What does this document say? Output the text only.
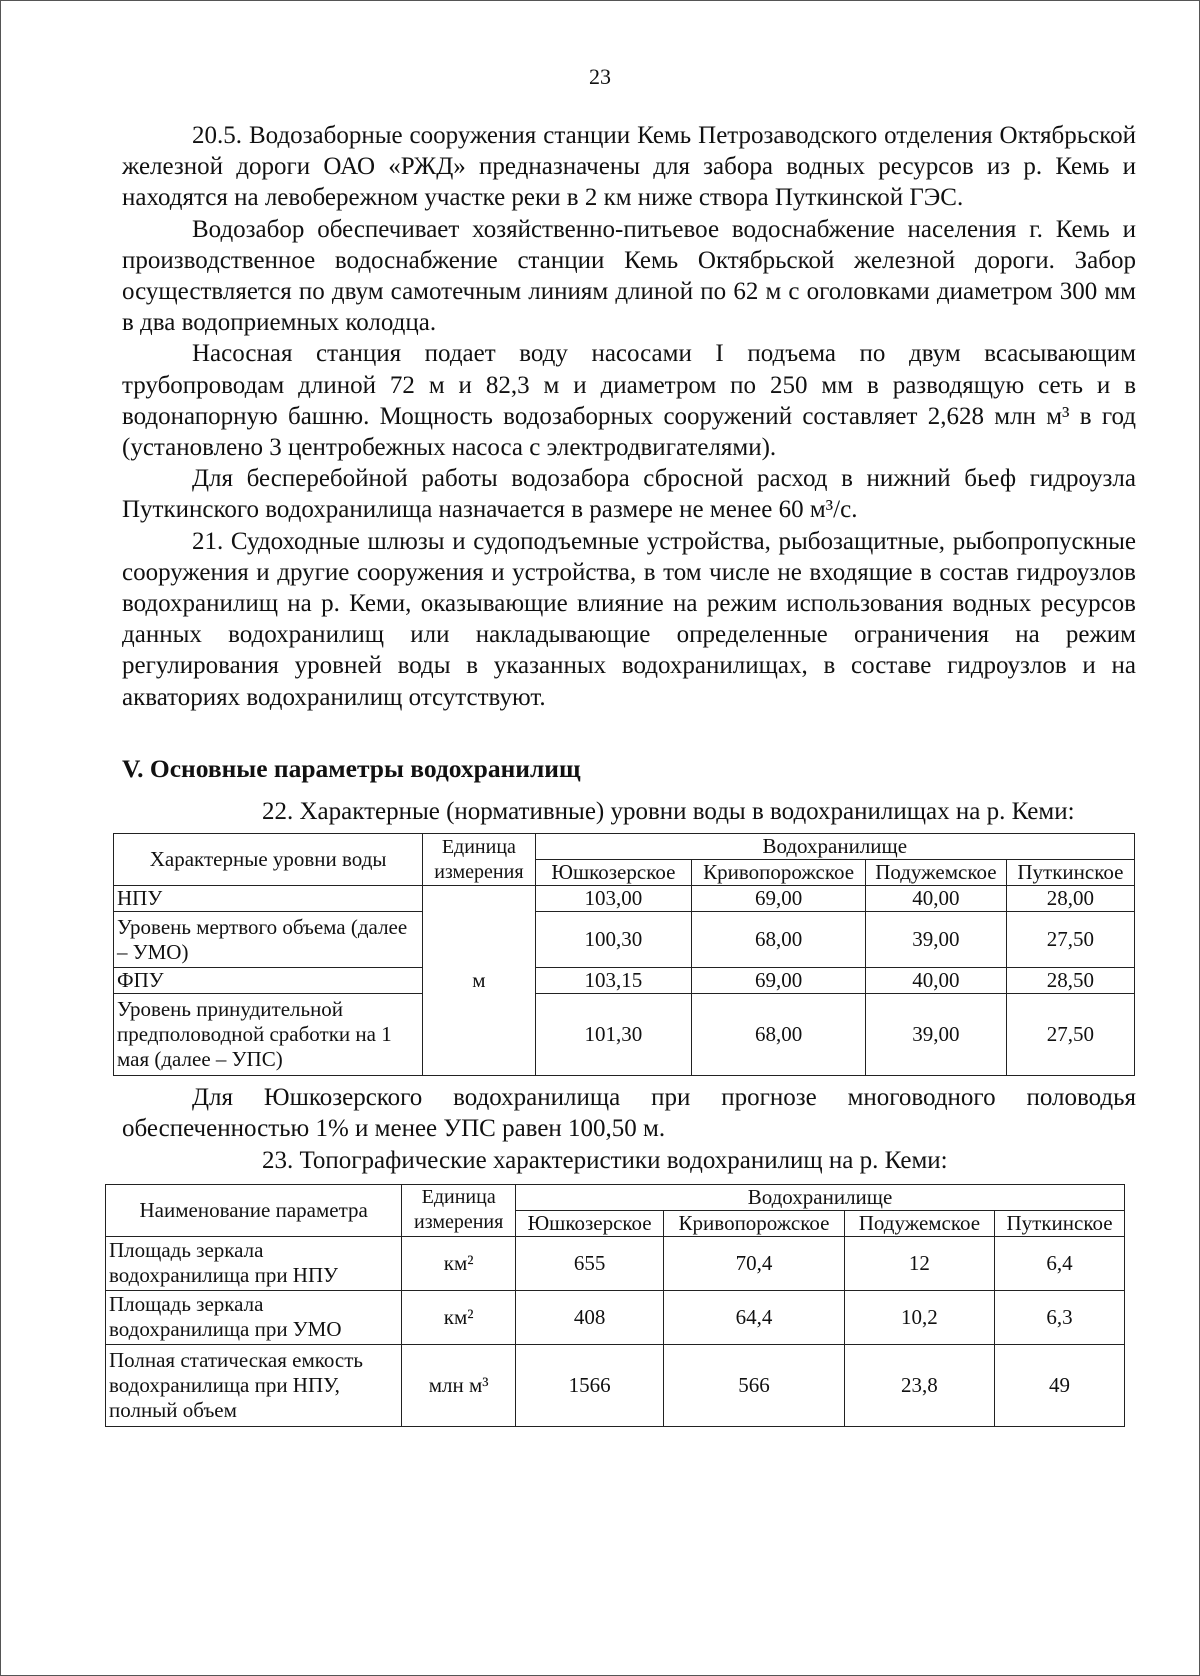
23

20.5. Водозаборные сооружения станции Кемь Петрозаводского отделения Октябрьской железной дороги ОАО «РЖД» предназначены для забора водных ресурсов из р. Кемь и находятся на левобережном участке реки в 2 км ниже створа Путкинской ГЭС.

Водозабор обеспечивает хозяйственно-питьевое водоснабжение населения г. Кемь и производственное водоснабжение станции Кемь Октябрьской железной дороги. Забор осуществляется по двум самотечным линиям длиной по 62 м с оголовками диаметром 300 мм в два водоприемных колодца.

Насосная станция подает воду насосами I подъема по двум всасывающим трубопроводам длиной 72 м и 82,3 м и диаметром по 250 мм в разводящую сеть и в водонапорную башню. Мощность водозаборных сооружений составляет 2,628 млн м³ в год (установлено 3 центробежных насоса с электродвигателями).

Для бесперебойной работы водозабора сбросной расход в нижний бьеф гидроузла Путкинского водохранилища назначается в размере не менее 60 м³/с.

21. Судоходные шлюзы и судоподъемные устройства, рыбозащитные, рыбопропускные сооружения и другие сооружения и устройства, в том числе не входящие в состав гидроузлов водохранилищ на р. Кеми, оказывающие влияние на режим использования водных ресурсов данных водохранилищ или накладывающие определенные ограничения на режим регулирования уровней воды в указанных водохранилищах, в составе гидроузлов и на акваториях водохранилищ отсутствуют.

V. Основные параметры водохранилищ

22. Характерные (нормативные) уровни воды в водохранилищах на р. Кеми:

Характерные уровни воды	Единица измерения	Водохранилище			
		Юшкозерское	Кривопорожское	Подужемское	Путкинское
НПУ	м	103,00	69,00	40,00	28,00
Уровень мертвого объема (далее – УМО)		100,30	68,00	39,00	27,50
ФПУ		103,15	69,00	40,00	28,50
Уровень принудительной предполоводной сработки на 1 мая (далее – УПС)		101,30	68,00	39,00	27,50

Для Юшкозерского водохранилища при прогнозе многоводного половодья обеспеченностью 1% и менее УПС равен 100,50 м.

23. Топографические характеристики водохранилищ на р. Кеми:

Наименование параметра	Единица измерения	Водохранилище			
		Юшкозерское	Кривопорожское	Подужемское	Путкинское
Площадь зеркала водохранилища при НПУ	км²	655	70,4	12	6,4
Площадь зеркала водохранилища при УМО	км²	408	64,4	10,2	6,3
Полная статическая емкость водохранилища при НПУ, полный объем	млн м³	1566	566	23,8	49
